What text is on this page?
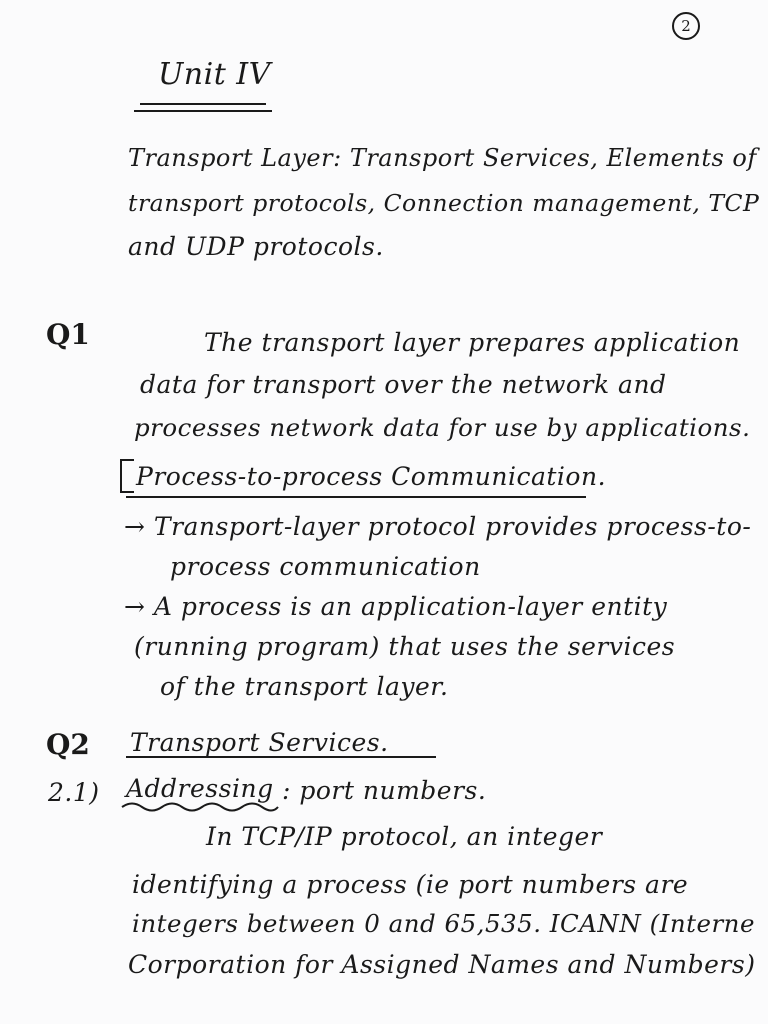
2
Unit IV
Transport Layer: Transport Services, Elements of
transport protocols, Connection management, TCP
and UDP protocols.
Q1	The transport layer prepares application
data for transport over the network and
processes network data for use by applications.
Process-to-process Communication.
→ Transport-layer protocol provides process-to-
process communication
→ A process is an application-layer entity
(running program) that uses the services
of the transport layer.
Q2 Transport Services.
2.1) Addressing : port numbers.
In TCP/IP protocol, an integer
identifying a process (ie port numbers are
integers between 0 and 65,535. ICANN (Interne
Corporation for Assigned Names and Numbers)
